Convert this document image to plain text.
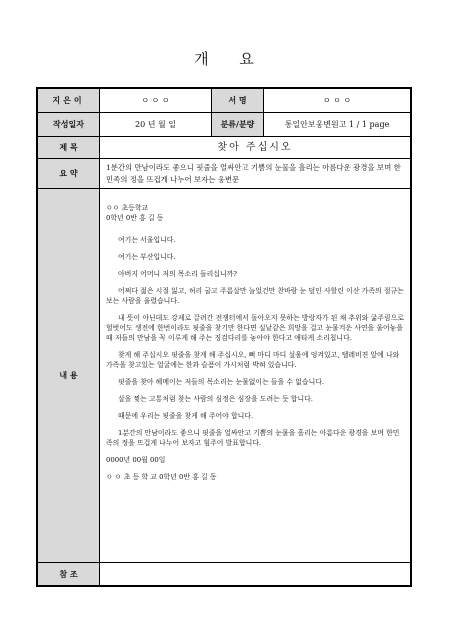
개 요
지은이	ㅇ ㅇ ㅇ	서 명	ㅇ ㅇ ㅇ
작성일자	20 년 월 일	분류/분량	통일안보웅변원고 1 / 1 page
제 목	찾아 주십시오
요 약
1분간의 만남이라도 좋으니 핏줄을 얼싸안고 기쁨의 눈물을 흘리는 아름다운 광경을 보며 한민족의 정을 뜨겁게 나누어 보자는 웅변문
내 용

ㅇㅇ 초등학교

0학년 0반 홍 길 동

여기는 서울입니다.

여기는 부산입니다.

아버지 어머니 저의 목소리 들리십니까?

어쩌다 젊은 시절 잃고, 허리 굽고 주름살만 늘었건만 찬바람 눈 덮인 사할린 이산 가족의 절규는 보는 사람을 울렸습니다.

내 뜻이 아닌데도 강제로 끌려간 전쟁터에서 돌아오지 못하는 방랑자가 된 채 추위와 굶주림으로 헐벗어도 생전에 한번이라도 핏줄을 찾기만 한다면 실낱같은 희망을 걸고 눈물겨운 사연을 울어놓을 때 저들의 만남을 꼭 이루게 해 주는 징검다리를 놓아야 한다고 애타게 소리칩니다.

찾게 해 주십시오 핏줄을 찾게 해 주십시오, 뼈 마디 마디 설움에 엉켜있고, 텔레비젼 앞에 나와 가족을 찾고있는 얼굴에는 한과 슬픔이 가시처럼 박혀 있습니다.

핏줄을 찾아 헤메이는 저들의 목소리는 눈물없이는 들을 수 없습니다.

살을 찢는 고통처럼 찾는 사람의 심정은 심장을 도려는 듯 합니다.

때문에 우리는 핏줄을 찾게 해 주어야 합니다.

1분간의 만남이라도 좋으니 핏줄을 얼싸안고 기쁨의 눈물을 흘리는 아름다운 광경을 보며 한민족의 정을 뜨겁게 나누어 보자고 힘주어 발표합니다.

0000년 00월 00일

ㅇ ㅇ 초 등 학 교 0학년 0반 홍 길 동

참 조
